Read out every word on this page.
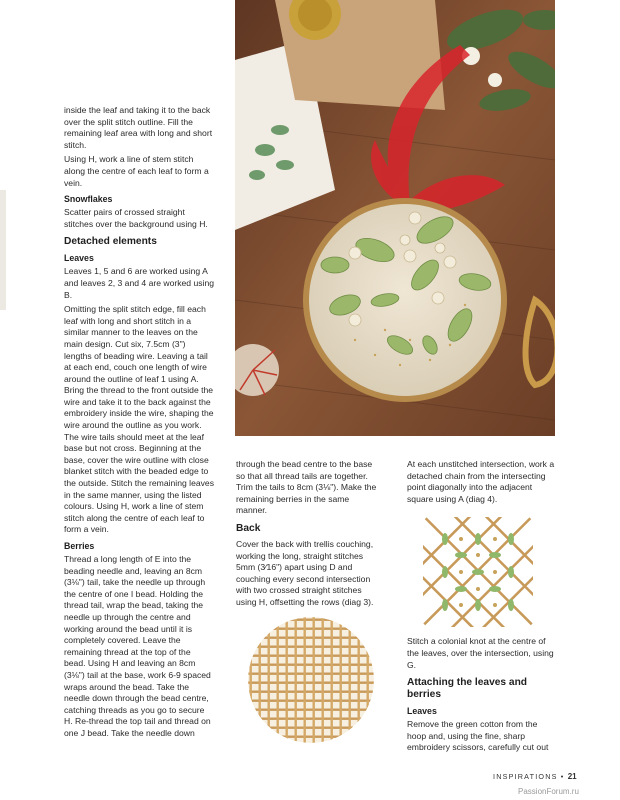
inside the leaf and taking it to the back over the split stitch outline. Fill the remaining leaf area with long and short stitch.

Using H, work a line of stem stitch along the centre of each leaf to form a vein.

Snowflakes

Scatter pairs of crossed straight stitches over the background using H.

Detached elements
Leaves

Leaves 1, 5 and 6 are worked using A and leaves 2, 3 and 4 are worked using B.

Omitting the split stitch edge, fill each leaf with long and short stitch in a similar manner to the leaves on the main design. Cut six, 7.5cm (3") lengths of beading wire. Leaving a tail at each end, couch one length of wire around the outline of leaf 1 using A. Bring the thread to the front outside the wire and take it to the back against the embroidery inside the wire, shaping the wire around the outline as you work. The wire tails should meet at the leaf base but not cross. Beginning at the base, cover the wire outline with close blanket stitch with the beaded edge to the outside. Stitch the remaining leaves in the same manner, using the listed colours. Using H, work a line of stem stitch along the centre of each leaf to form a vein.

Berries

Thread a long length of E into the beading needle and, leaving an 8cm (3⅛") tail, take the needle up through the centre of one I bead. Holding the thread tail, wrap the bead, taking the needle up through the centre and working around the bead until it is completely covered. Leave the remaining thread at the top of the bead. Using H and leaving an 8cm (3⅛") tail at the base, work 6-9 spaced wraps around the bead. Take the needle down through the bead centre, catching threads as you go to secure H. Re-thread the top tail and thread on one J bead. Take the needle down

through the bead centre to the base so that all thread tails are together. Trim the tails to 8cm (3⅛"). Make the remaining berries in the same manner.

Back

Cover the back with trellis couching, working the long, straight stitches 5mm (3⁄16") apart using D and couching every second intersection with two crossed straight stitches using H, offsetting the rows (diag 3).

At each unstitched intersection, work a detached chain from the intersecting point diagonally into the adjacent square using A (diag 4).

Stitch a colonial knot at the centre of the leaves, over the intersection, using G.

Attaching the leaves and berries
Leaves

Remove the green cotton from the hoop and, using the fine, sharp embroidery scissors, carefully cut out

INSPIRATIONS • 21
PassionForum.ru
